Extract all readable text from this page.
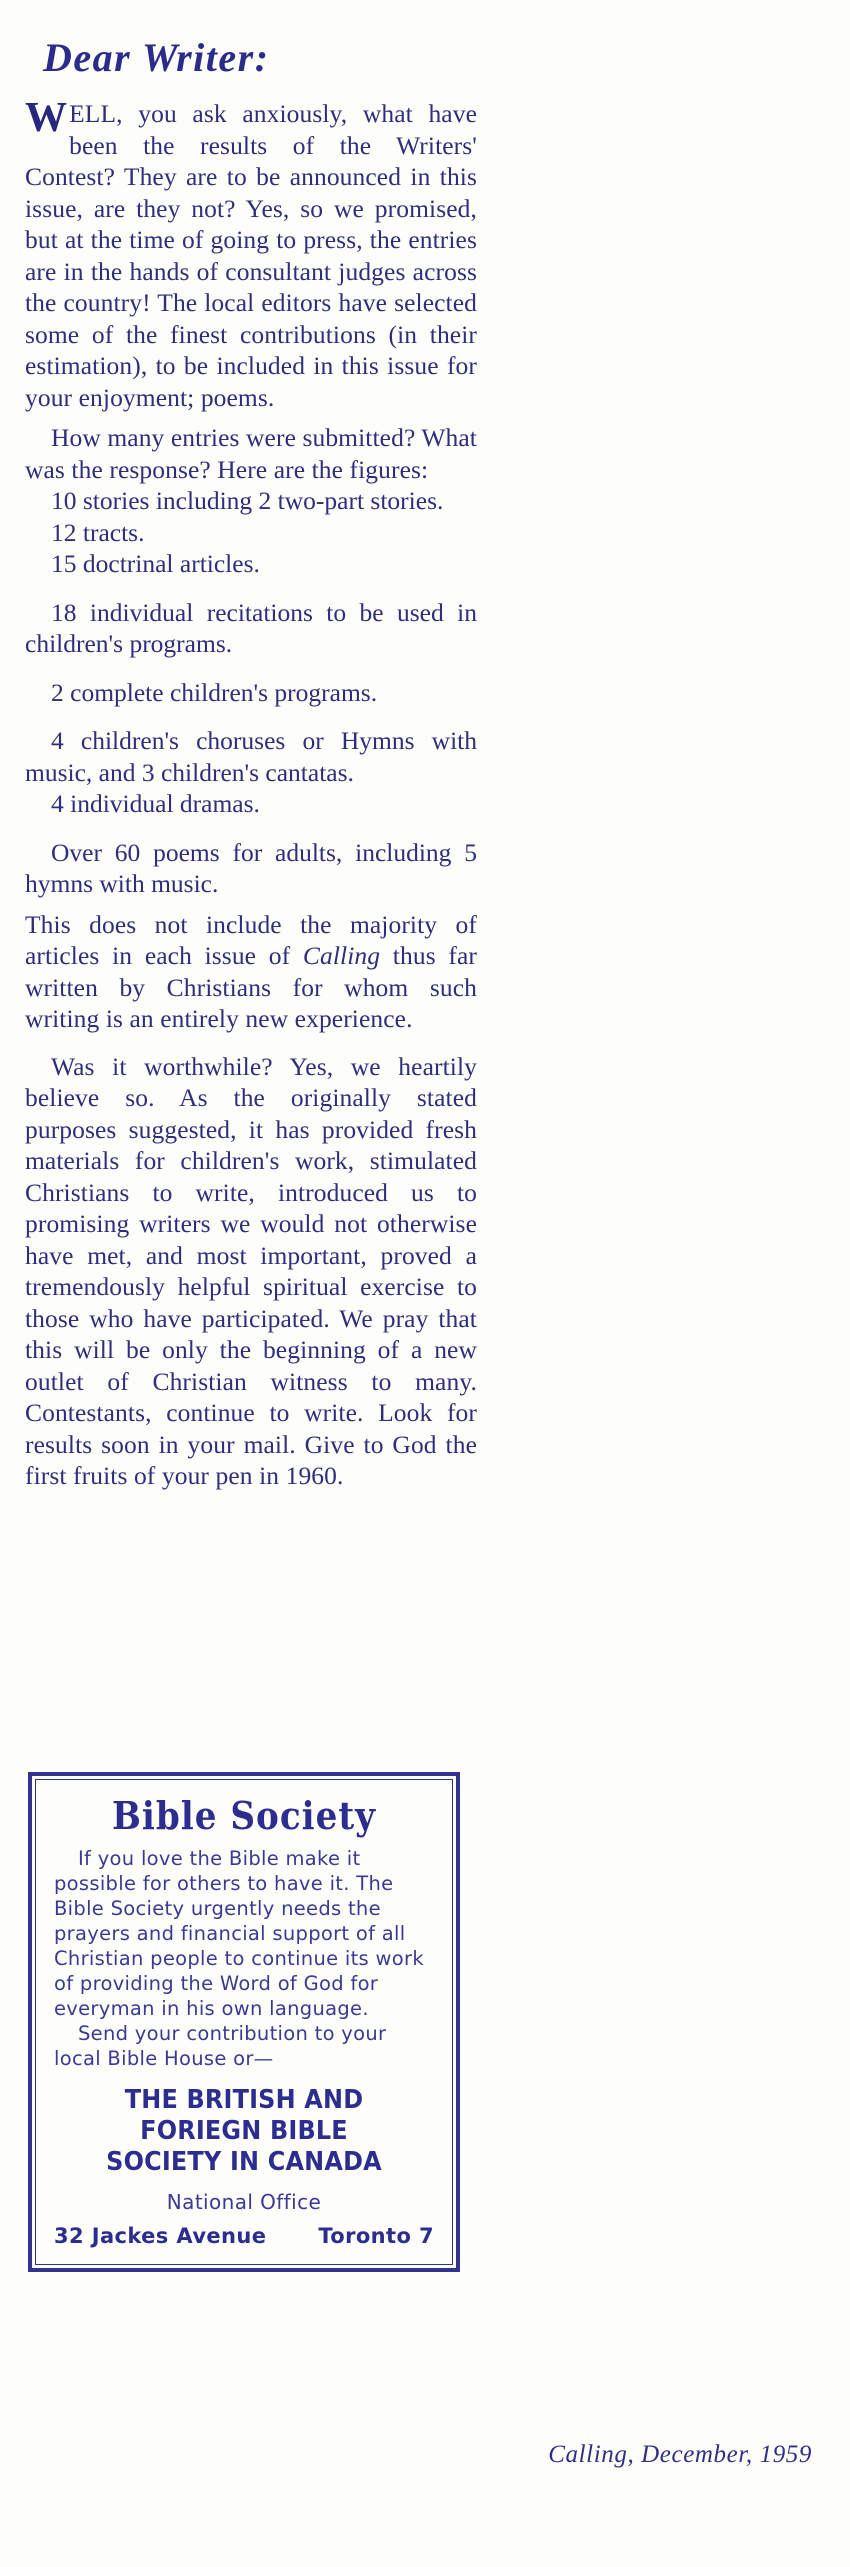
Dear Writer:

WELL, you ask anxiously, what have been the results of the Writers' Contest? They are to be announced in this issue, are they not? Yes, so we promised, but at the time of going to press, the entries are in the hands of consultant judges across the country! The local editors have selected some of the finest contributions (in their estimation), to be included in this issue for your enjoyment; poems.

How many entries were submitted? What was the response? Here are the figures:

10 stories including 2 two-part stories.

12 tracts.

15 doctrinal articles.

18 individual recitations to be used in children's programs.

2 complete children's programs.

4 children's choruses or Hymns with music, and 3 children's cantatas.

4 individual dramas.

Over 60 poems for adults, including 5 hymns with music.

This does not include the majority of articles in each issue of Calling thus far written by Christians for whom such writing is an entirely new experience.

Was it worthwhile? Yes, we heartily believe so. As the originally stated purposes suggested, it has provided fresh materials for children's work, stimulated Christians to write, introduced us to promising writers we would not otherwise have met, and most important, proved a tremendously helpful spiritual exercise to those who have participated. We pray that this will be only the beginning of a new outlet of Christian witness to many. Contestants, continue to write. Look for results soon in your mail. Give to God the first fruits of your pen in 1960.

Bible Society

If you love the Bible make it possible for others to have it. The Bible Society urgently needs the prayers and financial support of all Christian people to continue its work of providing the Word of God for everyman in his own language.

Send your contribution to your local Bible House or—

THE BRITISH AND FORIEGN BIBLE
SOCIETY IN CANADA
National Office
32 Jackes Avenue Toronto 7
Calling, December, 1959
